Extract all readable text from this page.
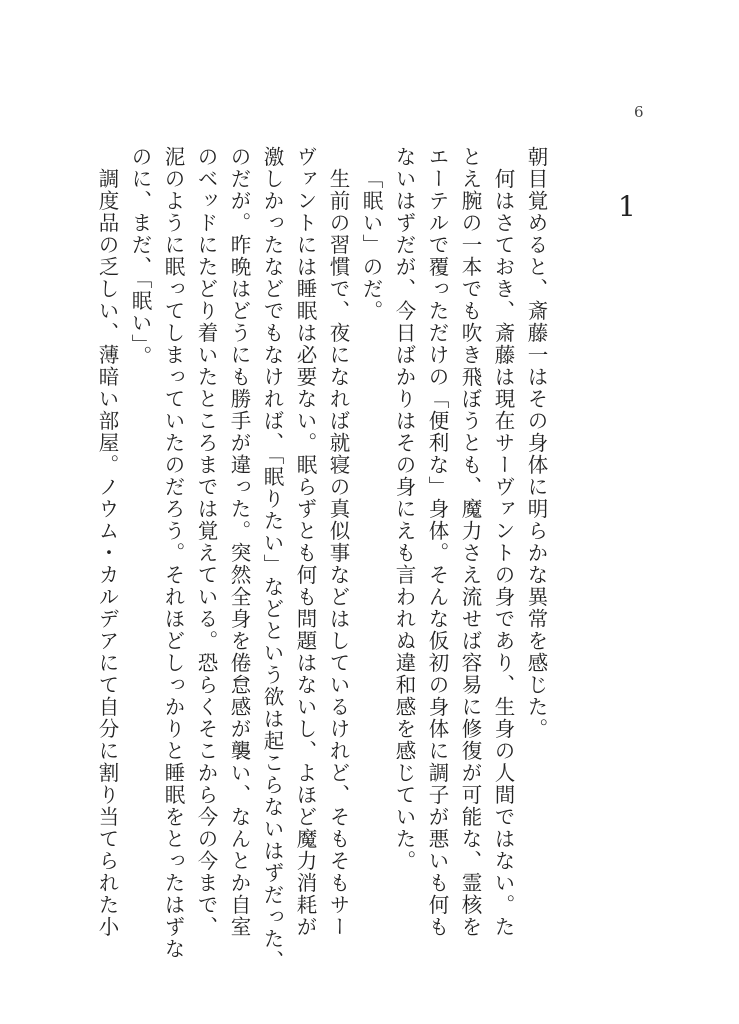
6
1
朝目覚めると、斎藤一はその身体に明らかな異常を感じた。
何はさておき、斎藤は現在サーヴァントの身であり、生身の人間ではない。た
とえ腕の一本でも吹き飛ぼうとも、魔力さえ流せば容易に修復が可能な、霊核を
エーテルで覆っただけの「便利な」身体。そんな仮初の身体に調子が悪いも何も
ないはずだが、今日ばかりはその身にえも言われぬ違和感を感じていた。
「眠い」のだ。
生前の習慣で、夜になれば就寝の真似事などはしているけれど、そもそもサー
ヴァントには睡眠は必要ない。眠らずとも何も問題はないし、よほど魔力消耗が
激しかったなどでもなければ、「眠りたい」などという欲は起こらないはずだった、
のだが。昨晩はどうにも勝手が違った。突然全身を倦怠感が襲い、なんとか自室
のベッドにたどり着いたところまでは覚えている。恐らくそこから今の今まで、
泥のように眠ってしまっていたのだろう。それほどしっかりと睡眠をとったはずな
のに、まだ、「眠い」。
調度品の乏しい、薄暗い部屋。ノウム・カルデアにて自分に割り当てられた小
